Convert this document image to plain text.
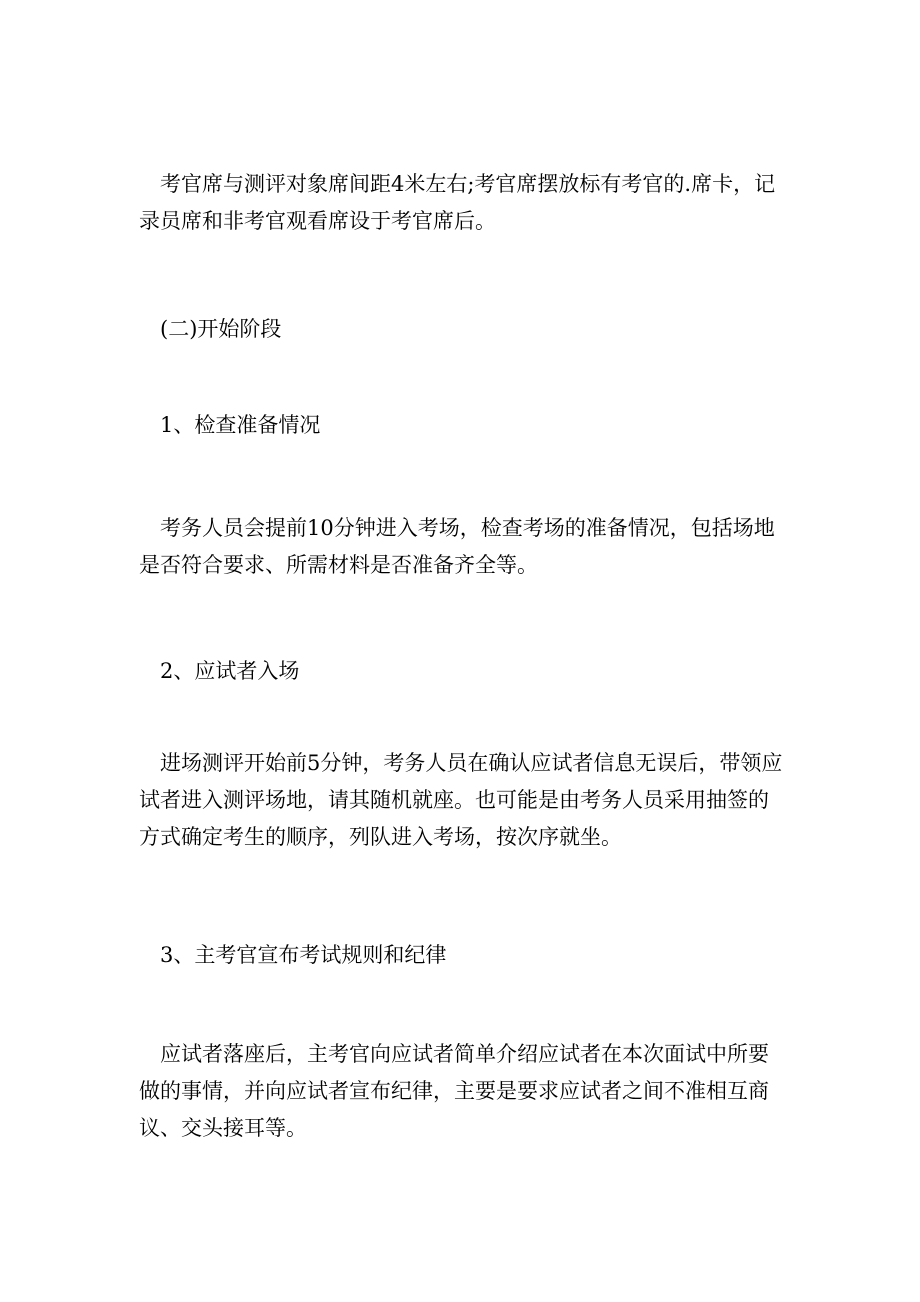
考官席与测评对象席间距4米左右;考官席摆放标有考官的.席卡，记录员席和非考官观看席设于考官席后。

(二)开始阶段

1、检查准备情况

考务人员会提前10分钟进入考场，检查考场的准备情况，包括场地是否符合要求、所需材料是否准备齐全等。

2、应试者入场

进场测评开始前5分钟，考务人员在确认应试者信息无误后，带领应试者进入测评场地，请其随机就座。也可能是由考务人员采用抽签的方式确定考生的顺序，列队进入考场，按次序就坐。

3、主考官宣布考试规则和纪律

应试者落座后，主考官向应试者简单介绍应试者在本次面试中所要做的事情，并向应试者宣布纪律，主要是要求应试者之间不准相互商议、交头接耳等。
